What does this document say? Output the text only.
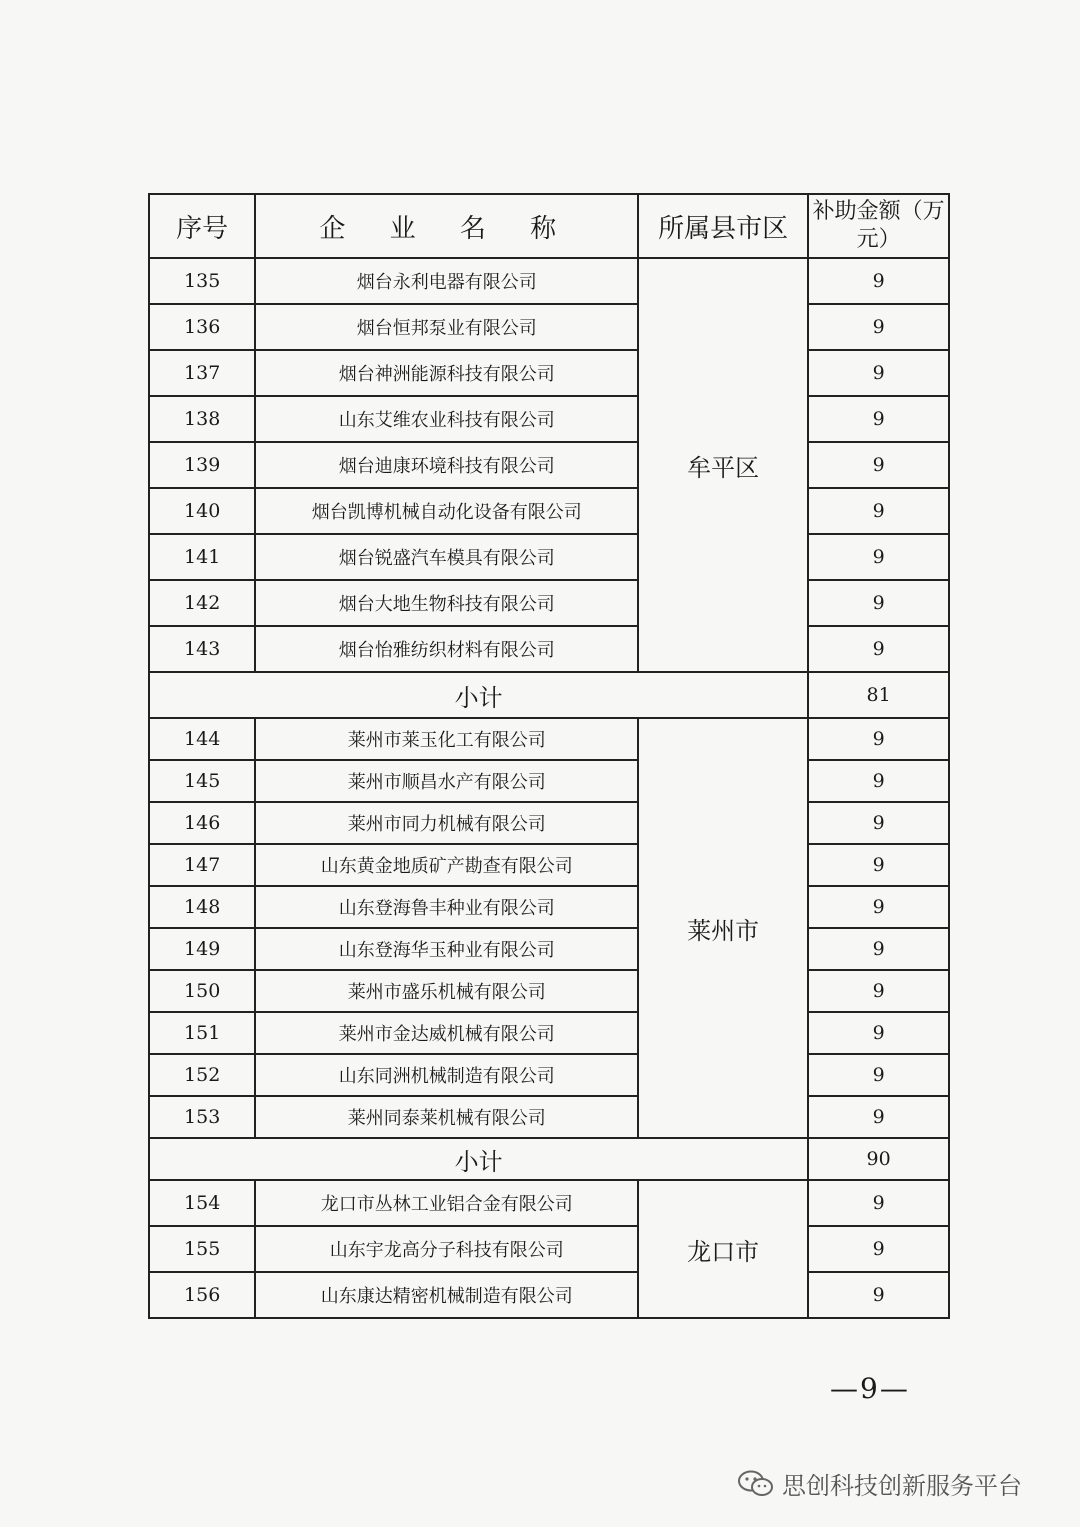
序号	企 业 名 称	所属县市区	补助金额（万元）
135	烟台永利电器有限公司	牟平区	9
136	烟台恒邦泵业有限公司		9
137	烟台神洲能源科技有限公司		9
138	山东艾维农业科技有限公司		9
139	烟台迪康环境科技有限公司		9
140	烟台凯博机械自动化设备有限公司		9
141	烟台锐盛汽车模具有限公司		9
142	烟台大地生物科技有限公司		9
143	烟台怡雅纺织材料有限公司		9
小计			81
144	莱州市莱玉化工有限公司	莱州市	9
145	莱州市顺昌水产有限公司		9
146	莱州市同力机械有限公司		9
147	山东黄金地质矿产勘查有限公司		9
148	山东登海鲁丰种业有限公司		9
149	山东登海华玉种业有限公司		9
150	莱州市盛乐机械有限公司		9
151	莱州市金达威机械有限公司		9
152	山东同洲机械制造有限公司		9
153	莱州同泰莱机械有限公司		9
小计			90
154	龙口市丛林工业铝合金有限公司	龙口市	9
155	山东宇龙高分子科技有限公司		9
156	山东康达精密机械制造有限公司		9
—9—
思创科技创新服务平台
